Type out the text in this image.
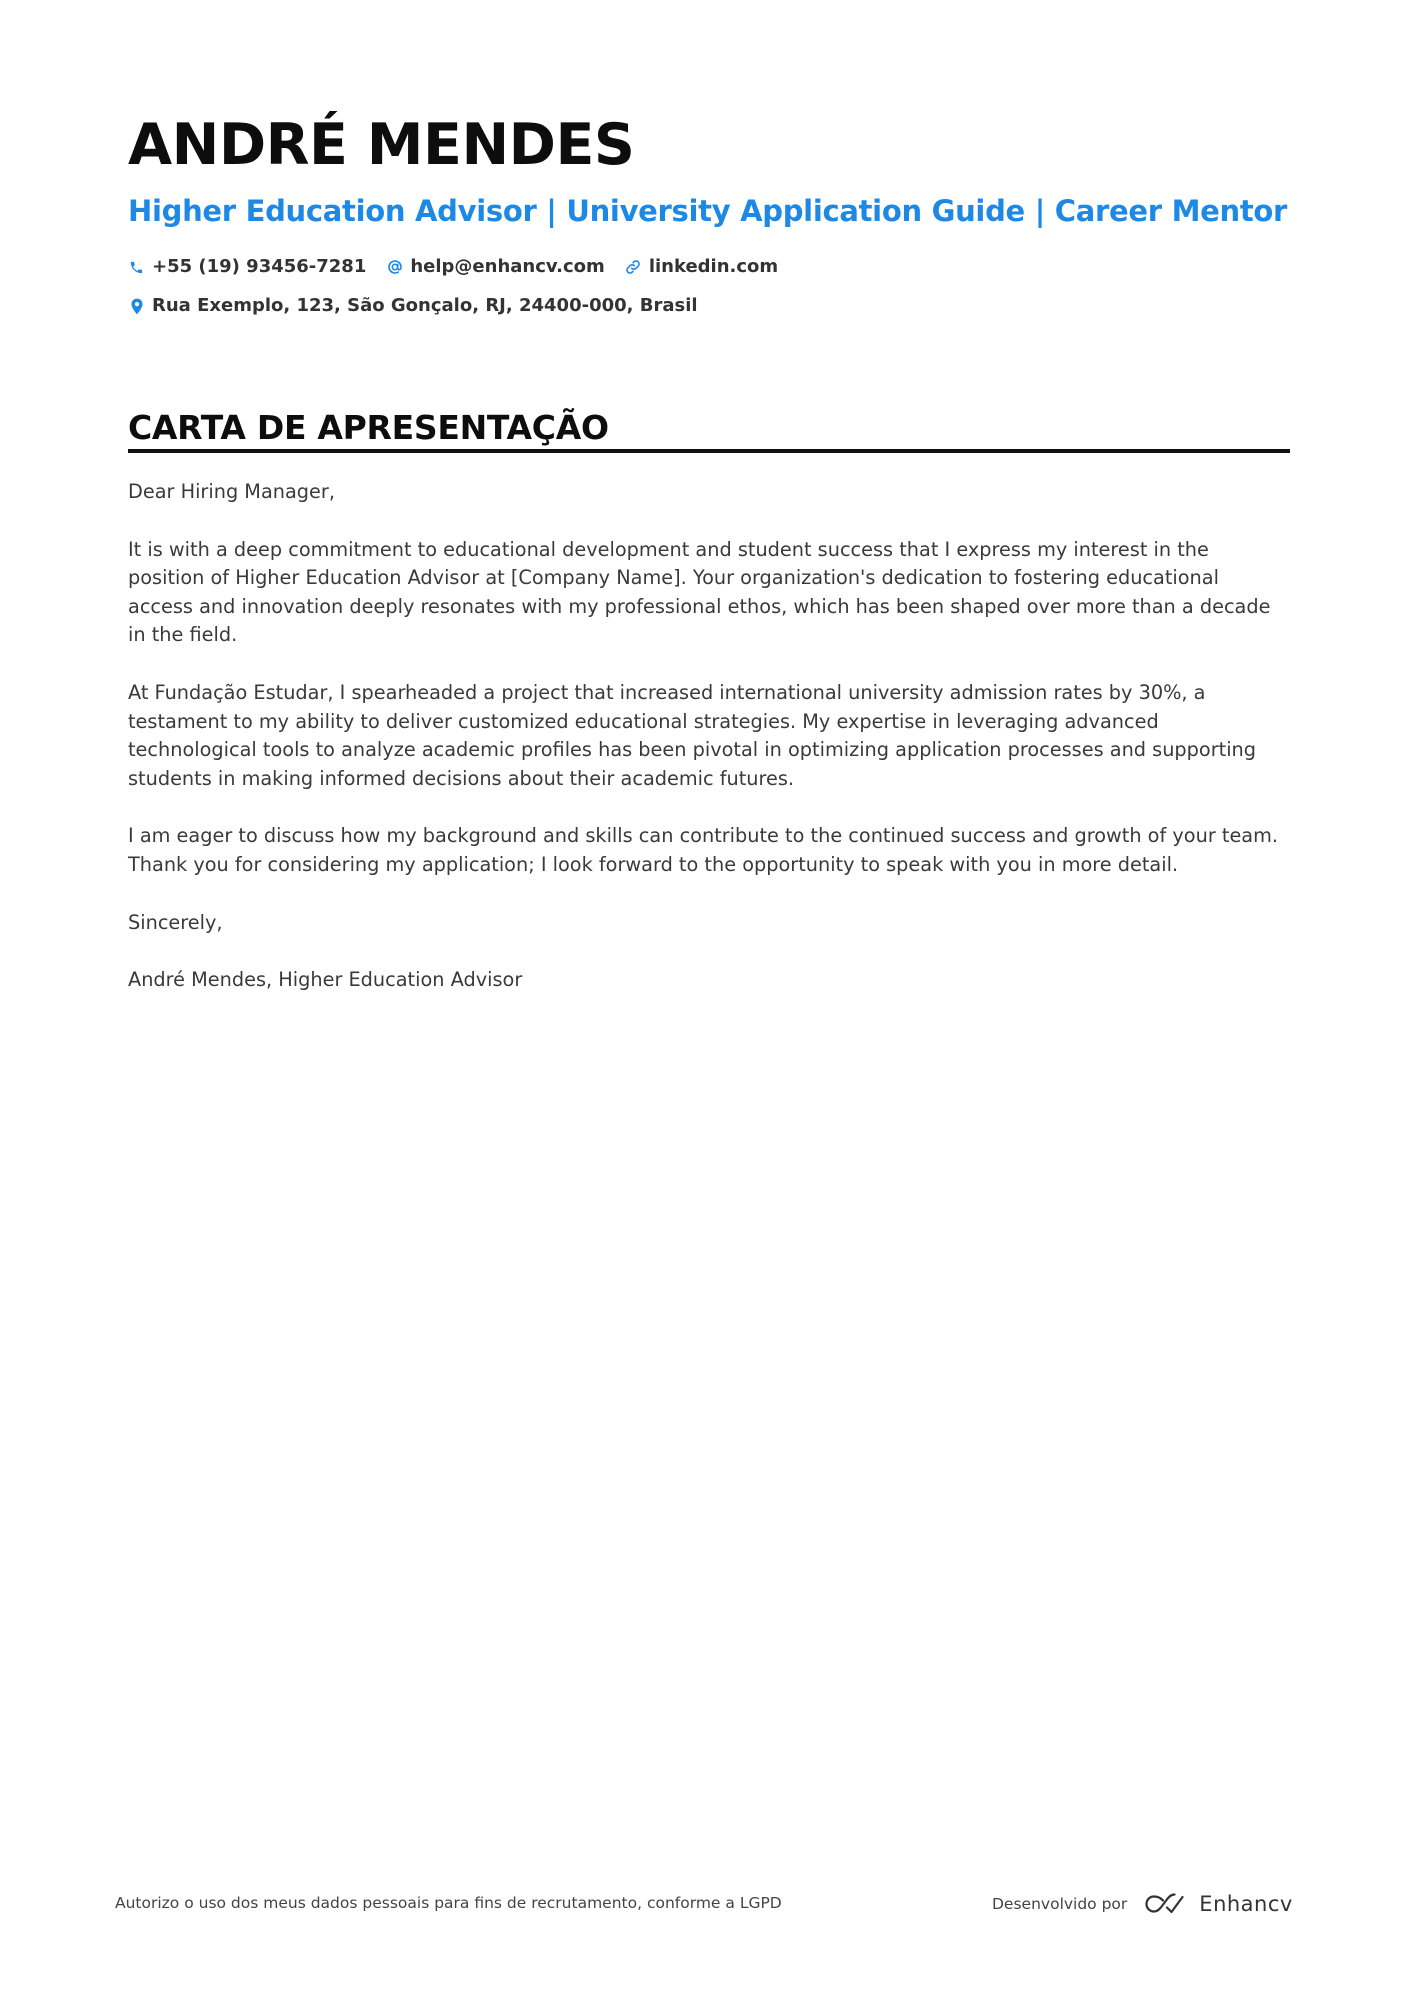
ANDRÉ MENDES
Higher Education Advisor | University Application Guide | Career Mentor
+55 (19) 93456-7281 help@enhancv.com linkedin.com
Rua Exemplo, 123, São Gonçalo, RJ, 24400-000, Brasil
CARTA DE APRESENTAÇÃO

Dear Hiring Manager,

It is with a deep commitment to educational development and student success that I express my interest in the position of Higher Education Advisor at [Company Name]. Your organization's dedication to fostering educational access and innovation deeply resonates with my professional ethos, which has been shaped over more than a decade in the field.

At Fundação Estudar, I spearheaded a project that increased international university admission rates by 30%, a testament to my ability to deliver customized educational strategies. My expertise in leveraging advanced technological tools to analyze academic profiles has been pivotal in optimizing application processes and supporting students in making informed decisions about their academic futures.

I am eager to discuss how my background and skills can contribute to the continued success and growth of your team. Thank you for considering my application; I look forward to the opportunity to speak with you in more detail.

Sincerely,

André Mendes, Higher Education Advisor

Autorizo o uso dos meus dados pessoais para fins de recrutamento, conforme a LGPD	Desenvolvido por	Enhancv
